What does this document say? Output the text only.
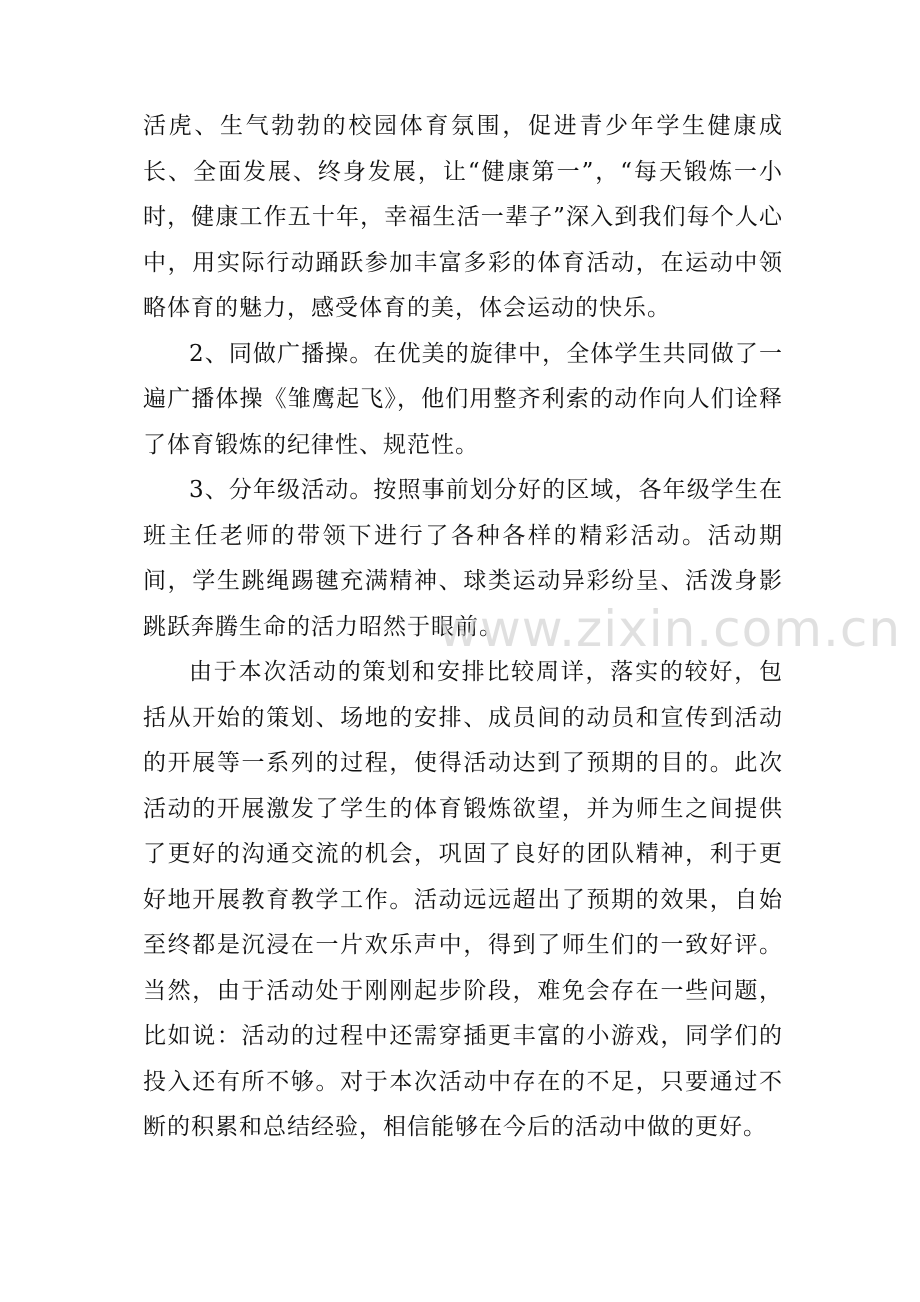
活虎、生气勃勃的校园体育氛围，促进青少年学生健康成长、全面发展、终身发展，让“健康第一”，“每天锻炼一小时，健康工作五十年，幸福生活一辈子”深入到我们每个人心中，用实际行动踊跃参加丰富多彩的体育活动，在运动中领略体育的魅力，感受体育的美，体会运动的快乐。

2、同做广播操。在优美的旋律中，全体学生共同做了一遍广播体操《雏鹰起飞》，他们用整齐利索的动作向人们诠释了体育锻炼的纪律性、规范性。

3、分年级活动。按照事前划分好的区域，各年级学生在班主任老师的带领下进行了各种各样的精彩活动。活动期间，学生跳绳踢毽充满精神、球类运动异彩纷呈、活泼身影跳跃奔腾生命的活力昭然于眼前。

由于本次活动的策划和安排比较周详，落实的较好，包括从开始的策划、场地的安排、成员间的动员和宣传到活动的开展等一系列的过程，使得活动达到了预期的目的。此次活动的开展激发了学生的体育锻炼欲望，并为师生之间提供了更好的沟通交流的机会，巩固了良好的团队精神，利于更好地开展教育教学工作。活动远远超出了预期的效果，自始至终都是沉浸在一片欢乐声中，得到了师生们的一致好评。当然，由于活动处于刚刚起步阶段，难免会存在一些问题，比如说：活动的过程中还需穿插更丰富的小游戏，同学们的投入还有所不够。对于本次活动中存在的不足，只要通过不断的积累和总结经验，相信能够在今后的活动中做的更好。

www.zixin.com.cn
